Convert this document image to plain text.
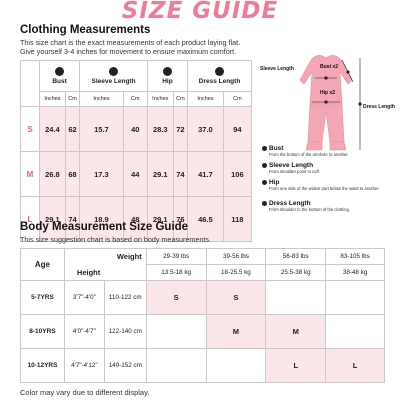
SIZE GUIDE
Clothing Measurements
This size chart is the exact measurements of each product laying flat.
Give yourself 3-4 inches for movement to ensure maximum comfort.

	Bust		Sleeve Length		Hip		Dress Length	

	Inches	Cm	Inches	Cm	Inches	Cm	Inches	Cm
S	24.4	62	15.7	40	28.3	72	37.0	94
M	26.8	68	17.3	44	29.1	74	41.7	106
L	29.1	74	18.9	48	29.1	76	46.5	118
Sleeve Length	Bust x2
Hip x2
Dress Length
Bust
From the bottom of the armhole to another.
Sleeve Length
From shoulder point to cuff.
Hip
From one side of the widest part below the waist to another.
Dress Length
From shoulder to the bottom of the clothing.
Body Measurement Size Guide
This size suggestion chart is based on body measurements.
Age	Weight
Height		29-39 lbs	39-56 lbs	56-83 lbs	83-105 lbs
			13.5-18 kg	18-25.5 kg	25.5-38 kg	38-48 kg
5-7YRS	3'7"-4'0"	110-122 cm	S	S		
8-10YRS	4'0"-4'7"	122-140 cm		M	M	
10-12YRS	4'7"-4'12"	140-152 cm			L	L
Color may vary due to different display.
